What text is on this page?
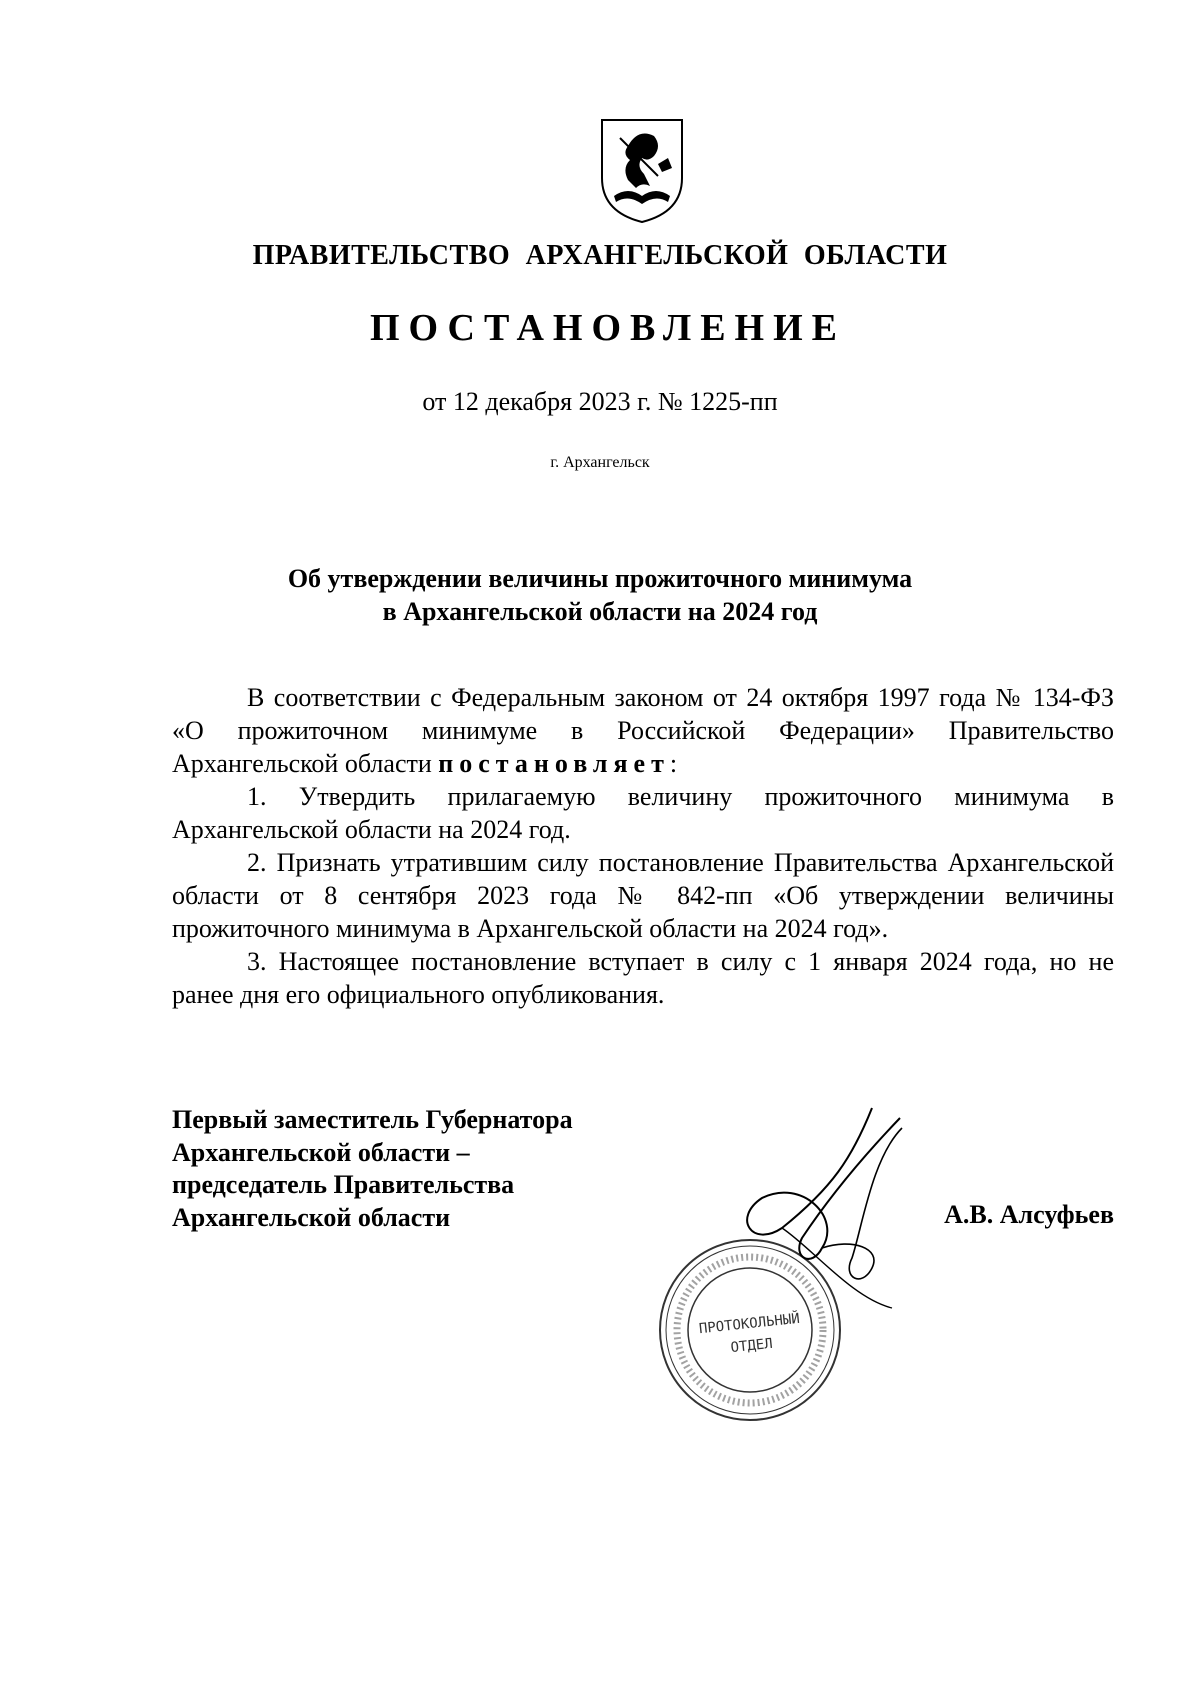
ПРАВИТЕЛЬСТВО АРХАНГЕЛЬСКОЙ ОБЛАСТИ
ПОСТАНОВЛЕНИЕ
от 12 декабря 2023 г. № 1225-пп
г. Архангельск
Об утверждении величины прожиточного минимума
в Архангельской области на 2024 год

В соответствии с Федеральным законом от 24 октября 1997 года № 134-ФЗ «О прожиточном минимуме в Российской Федерации» Правительство Архангельской области постановляет:

1. Утвердить прилагаемую величину прожиточного минимума в Архангельской области на 2024 год.

2. Признать утратившим силу постановление Правительства Архангельской области от 8 сентября 2023 года № 842-пп «Об утверждении величины прожиточного минимума в Архангельской области на 2024 год».

3. Настоящее постановление вступает в силу с 1 января 2024 года, но не ранее дня его официального опубликования.

Первый заместитель Губернатора
Архангельской области –
председатель Правительства
Архангельской области	А.В. Алсуфьев
ПРОТОКОЛЬНЫЙ
ОТДЕЛ
